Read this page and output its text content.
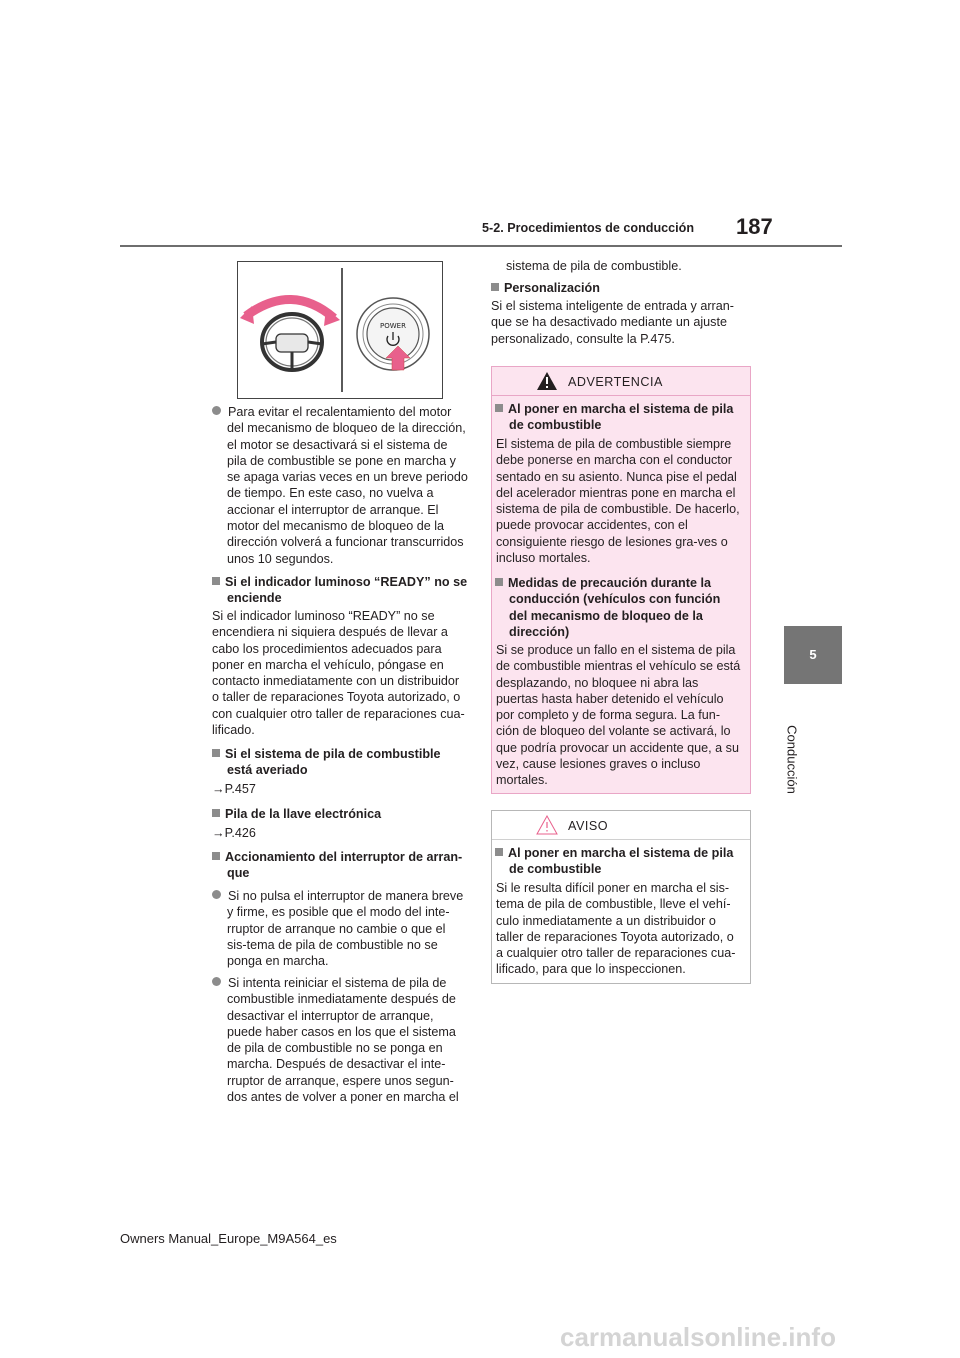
5-2. Procedimientos de conducción 187
5
Conducción
POWER

Para evitar el recalentamiento del motor del mecanismo de bloqueo de la dirección, el motor se desactivará si el sistema de pila de combustible se pone en marcha y se apaga varias veces en un breve periodo de tiempo. En este caso, no vuelva a accionar el interruptor de arranque. El motor del mecanismo de bloqueo de la dirección volverá a funcionar transcurridos unos 10 segundos.

Si el indicador luminoso “READY” no se enciende

Si el indicador luminoso “READY” no se encendiera ni siquiera después de llevar a cabo los procedimientos adecuados para poner en marcha el vehículo, póngase en contacto inmediatamente con un distribuidor o taller de reparaciones Toyota autorizado, o con cualquier otro taller de reparaciones cua-lificado.

Si el sistema de pila de combustible está averiado

→P.457

Pila de la llave electrónica

→P.426

Accionamiento del interruptor de arran-que

Si no pulsa el interruptor de manera breve y firme, es posible que el modo del inte-rruptor de arranque no cambie o que el sis-tema de pila de combustible no se ponga en marcha.

Si intenta reiniciar el sistema de pila de combustible inmediatamente después de desactivar el interruptor de arranque, puede haber casos en los que el sistema de pila de combustible no se ponga en marcha. Después de desactivar el inte-rruptor de arranque, espere unos segun-dos antes de volver a poner en marcha el

sistema de pila de combustible.

Personalización

Si el sistema inteligente de entrada y arran-que se ha desactivado mediante un ajuste personalizado, consulte la P.475.

ADVERTENCIA

Al poner en marcha el sistema de pila de combustible

El sistema de pila de combustible siempre debe ponerse en marcha con el conductor sentado en su asiento. Nunca pise el pedal del acelerador mientras pone en marcha el sistema de pila de combustible. De hacerlo, puede provocar accidentes, con el consiguiente riesgo de lesiones gra-ves o incluso mortales.

Medidas de precaución durante la conducción (vehículos con función del mecanismo de bloqueo de la dirección)

Si se produce un fallo en el sistema de pila de combustible mientras el vehículo se está desplazando, no bloquee ni abra las puertas hasta haber detenido el vehículo por completo y de forma segura. La fun-ción de bloqueo del volante se activará, lo que podría provocar un accidente que, a su vez, cause lesiones graves o incluso mortales.

AVISO

Al poner en marcha el sistema de pila de combustible

Si le resulta difícil poner en marcha el sis-tema de pila de combustible, lleve el vehí-culo inmediatamente a un distribuidor o taller de reparaciones Toyota autorizado, o a cualquier otro taller de reparaciones cua-lificado, para que lo inspeccionen.

Owners Manual_Europe_M9A564_es
carmanualsonline.info
